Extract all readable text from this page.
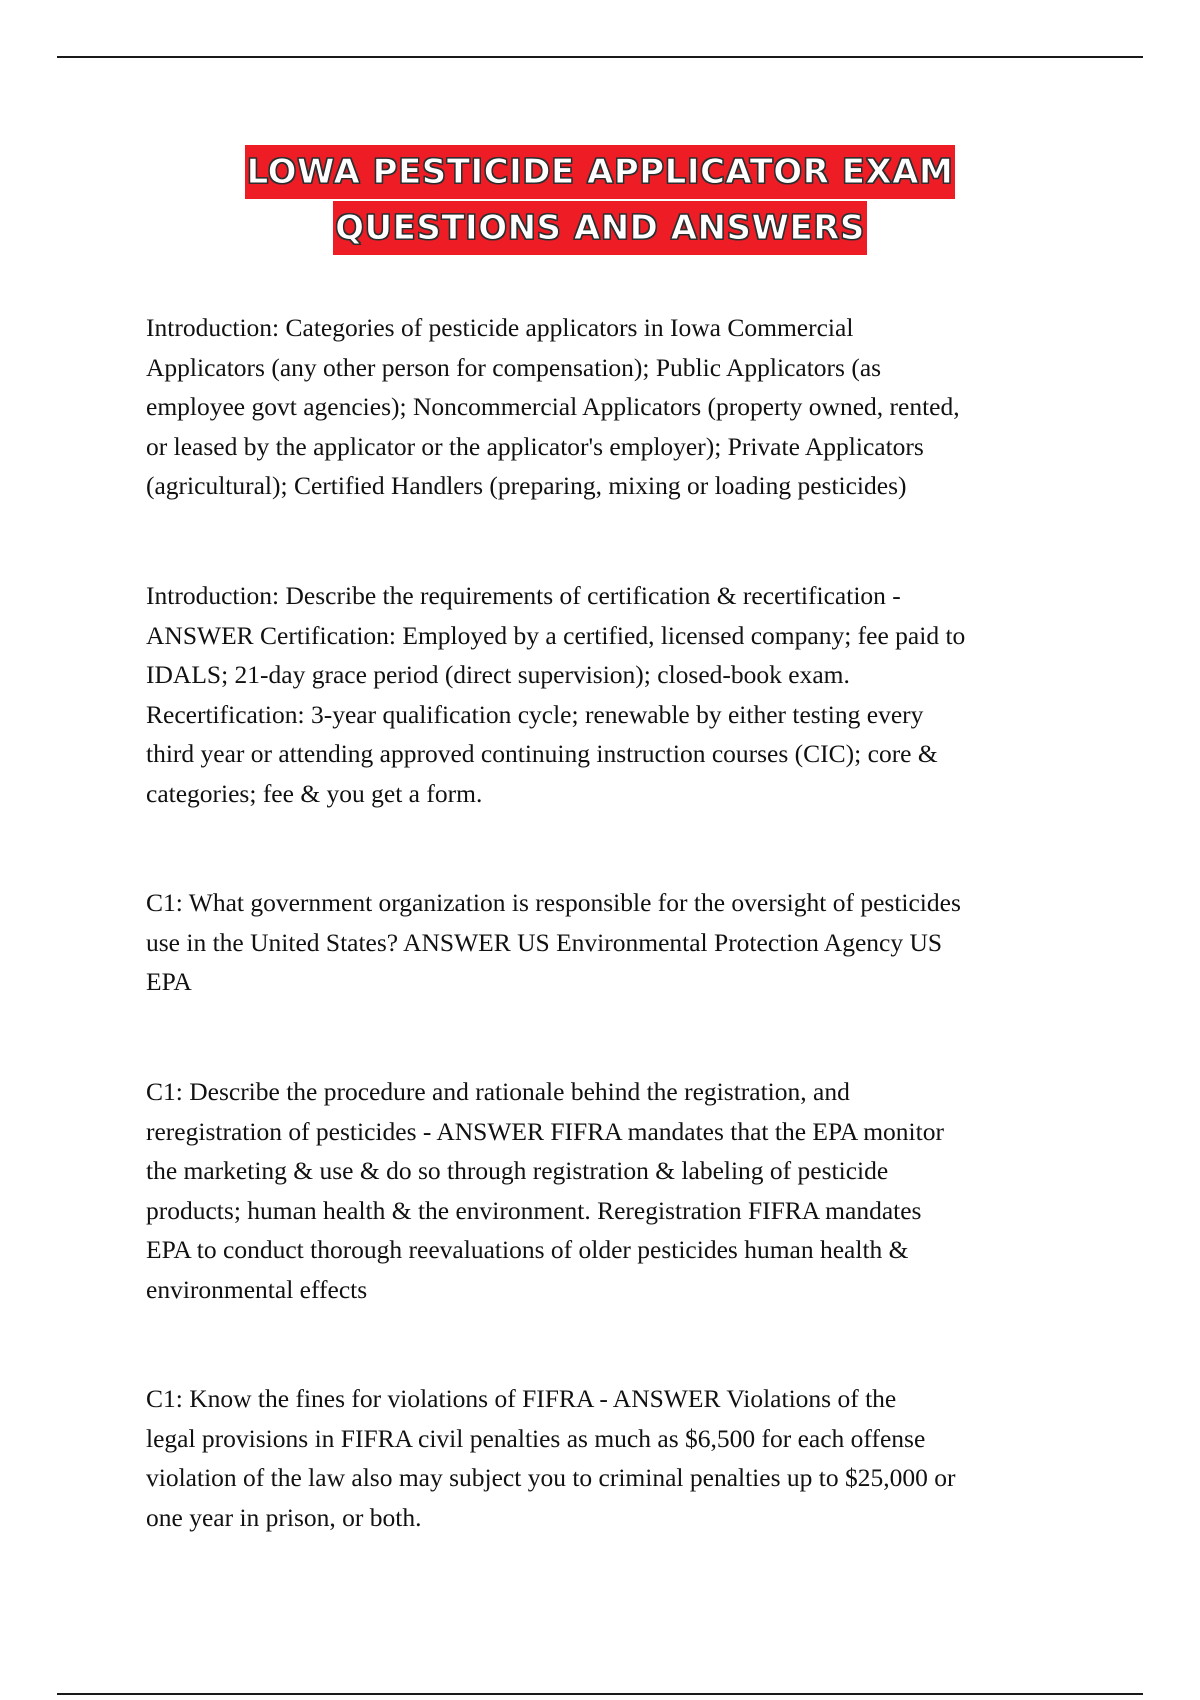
LOWA PESTICIDE APPLICATOR EXAM
QUESTIONS AND ANSWERS

Introduction: Categories of pesticide applicators in Iowa Commercial
Applicators (any other person for compensation); Public Applicators (as
employee govt agencies); Noncommercial Applicators (property owned, rented,
or leased by the applicator or the applicator's employer); Private Applicators
(agricultural); Certified Handlers (preparing, mixing or loading pesticides)

Introduction: Describe the requirements of certification & recertification -
ANSWER Certification: Employed by a certified, licensed company; fee paid to
IDALS; 21-day grace period (direct supervision); closed-book exam.
Recertification: 3-year qualification cycle; renewable by either testing every
third year or attending approved continuing instruction courses (CIC); core &
categories; fee & you get a form.

C1: What government organization is responsible for the oversight of pesticides
use in the United States? ANSWER US Environmental Protection Agency US
EPA

C1: Describe the procedure and rationale behind the registration, and
reregistration of pesticides - ANSWER FIFRA mandates that the EPA monitor
the marketing & use & do so through registration & labeling of pesticide
products; human health & the environment. Reregistration FIFRA mandates
EPA to conduct thorough reevaluations of older pesticides human health &
environmental effects

C1: Know the fines for violations of FIFRA - ANSWER Violations of the
legal provisions in FIFRA civil penalties as much as $6,500 for each offense
violation of the law also may subject you to criminal penalties up to $25,000 or
one year in prison, or both.
